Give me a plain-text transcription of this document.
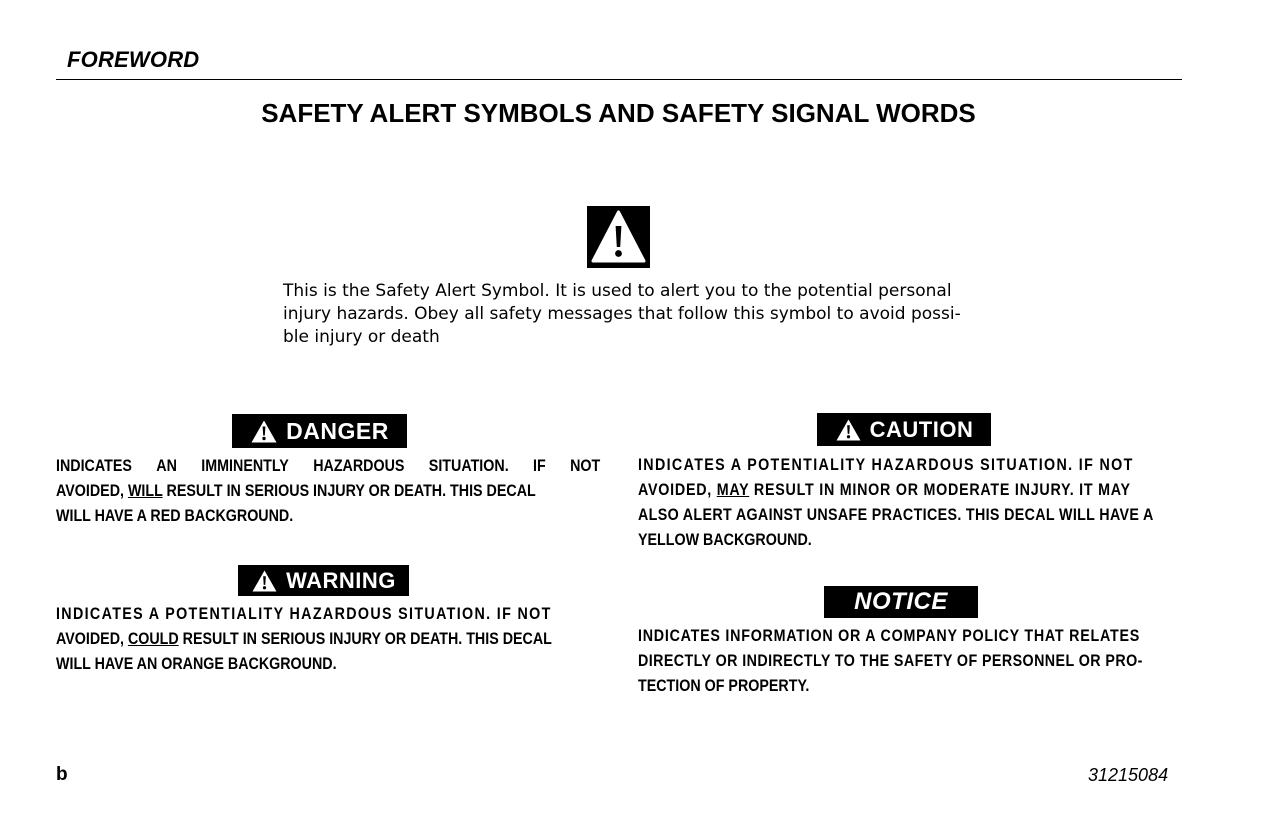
FOREWORD
SAFETY ALERT SYMBOLS AND SAFETY SIGNAL WORDS
This is the Safety Alert Symbol. It is used to alert you to the potential personal
injury hazards. Obey all safety messages that follow this symbol to avoid possi-
ble injury or death
DANGER
INDICATES AN IMMINENTLY HAZARDOUS SITUATION. IF NOT
AVOIDED, WILL RESULT IN SERIOUS INJURY OR DEATH. THIS DECAL
WILL HAVE A RED BACKGROUND.
WARNING
INDICATES A POTENTIALITY HAZARDOUS SITUATION. IF NOT
AVOIDED, COULD RESULT IN SERIOUS INJURY OR DEATH. THIS DECAL
WILL HAVE AN ORANGE BACKGROUND.
CAUTION
INDICATES A POTENTIALITY HAZARDOUS SITUATION. IF NOT
AVOIDED, MAY RESULT IN MINOR OR MODERATE INJURY. IT MAY
ALSO ALERT AGAINST UNSAFE PRACTICES. THIS DECAL WILL HAVE A
YELLOW BACKGROUND.
NOTICE
INDICATES INFORMATION OR A COMPANY POLICY THAT RELATES
DIRECTLY OR INDIRECTLY TO THE SAFETY OF PERSONNEL OR PRO-
TECTION OF PROPERTY.
b	31215084
